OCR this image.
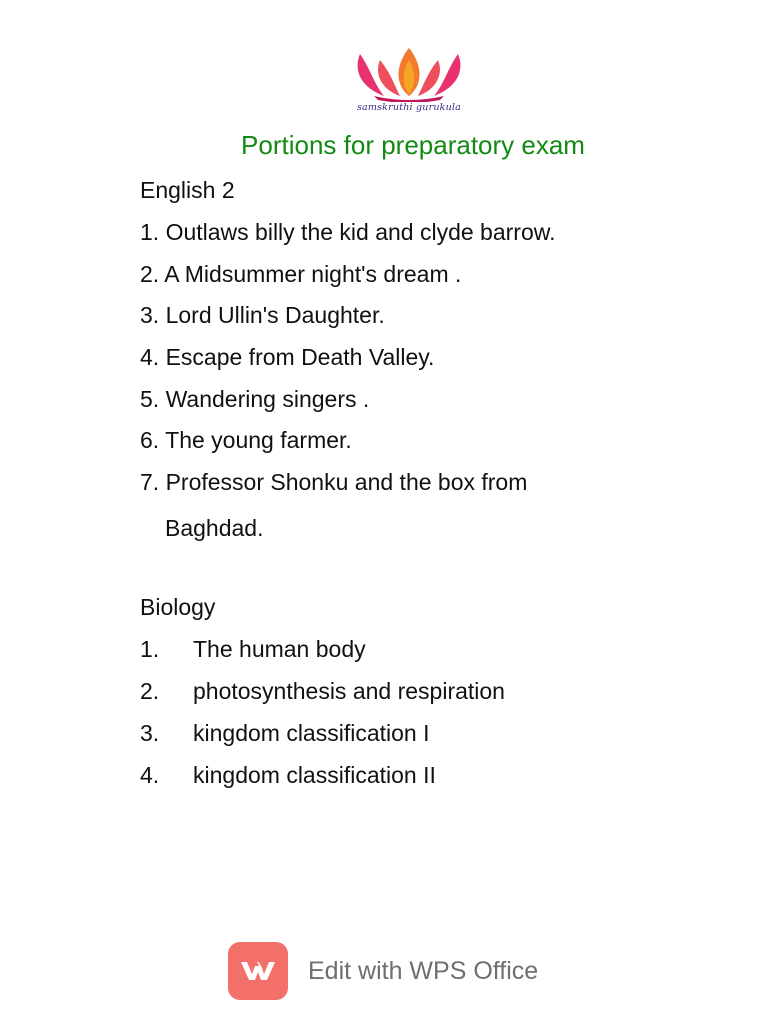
samskruthi gurukula
Portions for preparatory exam
English 2
1. Outlaws billy the kid and clyde barrow.
2. A Midsummer night's dream .
3. Lord Ullin's Daughter.
4. Escape from Death Valley.
5. Wandering singers .
6. The young farmer.
7. Professor Shonku and the box from
Baghdad.
Biology
1. The human body
2. photosynthesis and respiration
3. kingdom classification I
4. kingdom classification II
Edit with WPS Office
